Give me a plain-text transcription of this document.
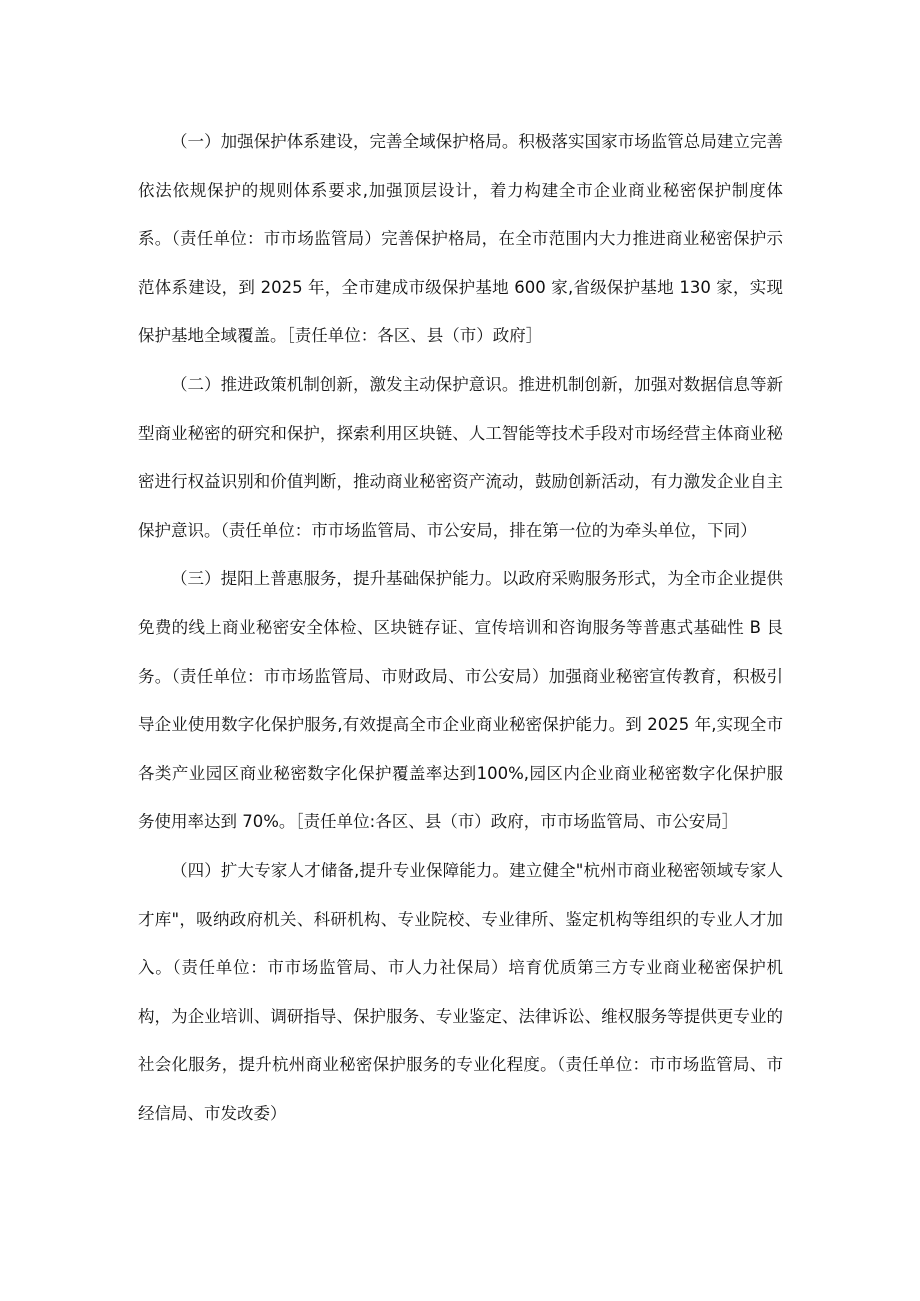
（一）加强保护体系建设，完善全域保护格局。积极落实国家市场监管总局建立完善依法依规保护的规则体系要求,加强顶层设计，着力构建全市企业商业秘密保护制度体系。（责任单位：市市场监管局）完善保护格局，在全市范围内大力推进商业秘密保护示范体系建设，到 2025 年，全市建成市级保护基地 600 家,省级保护基地 130 家，实现保护基地全域覆盖。［责任单位：各区、县（市）政府］

（二）推进政策机制创新，激发主动保护意识。推进机制创新，加强对数据信息等新型商业秘密的研究和保护，探索利用区块链、人工智能等技术手段对市场经营主体商业秘密进行权益识别和价值判断，推动商业秘密资产流动，鼓励创新活动，有力激发企业自主保护意识。（责任单位：市市场监管局、市公安局，排在第一位的为牵头单位，下同）

（三）提阳上普惠服务，提升基础保护能力。以政府采购服务形式，为全市企业提供免费的线上商业秘密安全体检、区块链存证、宣传培训和咨询服务等普惠式基础性 B 艮务。（责任单位：市市场监管局、市财政局、市公安局）加强商业秘密宣传教育，积极引导企业使用数字化保护服务,有效提高全市企业商业秘密保护能力。到 2025 年,实现全市各类产业园区商业秘密数字化保护覆盖率达到100%,园区内企业商业秘密数字化保护服务使用率达到 70%。［责任单位:各区、县（市）政府，市市场监管局、市公安局］

（四）扩大专家人才储备,提升专业保障能力。建立健全"杭州市商业秘密领域专家人才库"，吸纳政府机关、科研机构、专业院校、专业律所、鉴定机构等组织的专业人才加入。（责任单位：市市场监管局、市人力社保局）培育优质第三方专业商业秘密保护机构，为企业培训、调研指导、保护服务、专业鉴定、法律诉讼、维权服务等提供更专业的社会化服务，提升杭州商业秘密保护服务的专业化程度。（责任单位：市市场监管局、市经信局、市发改委）
